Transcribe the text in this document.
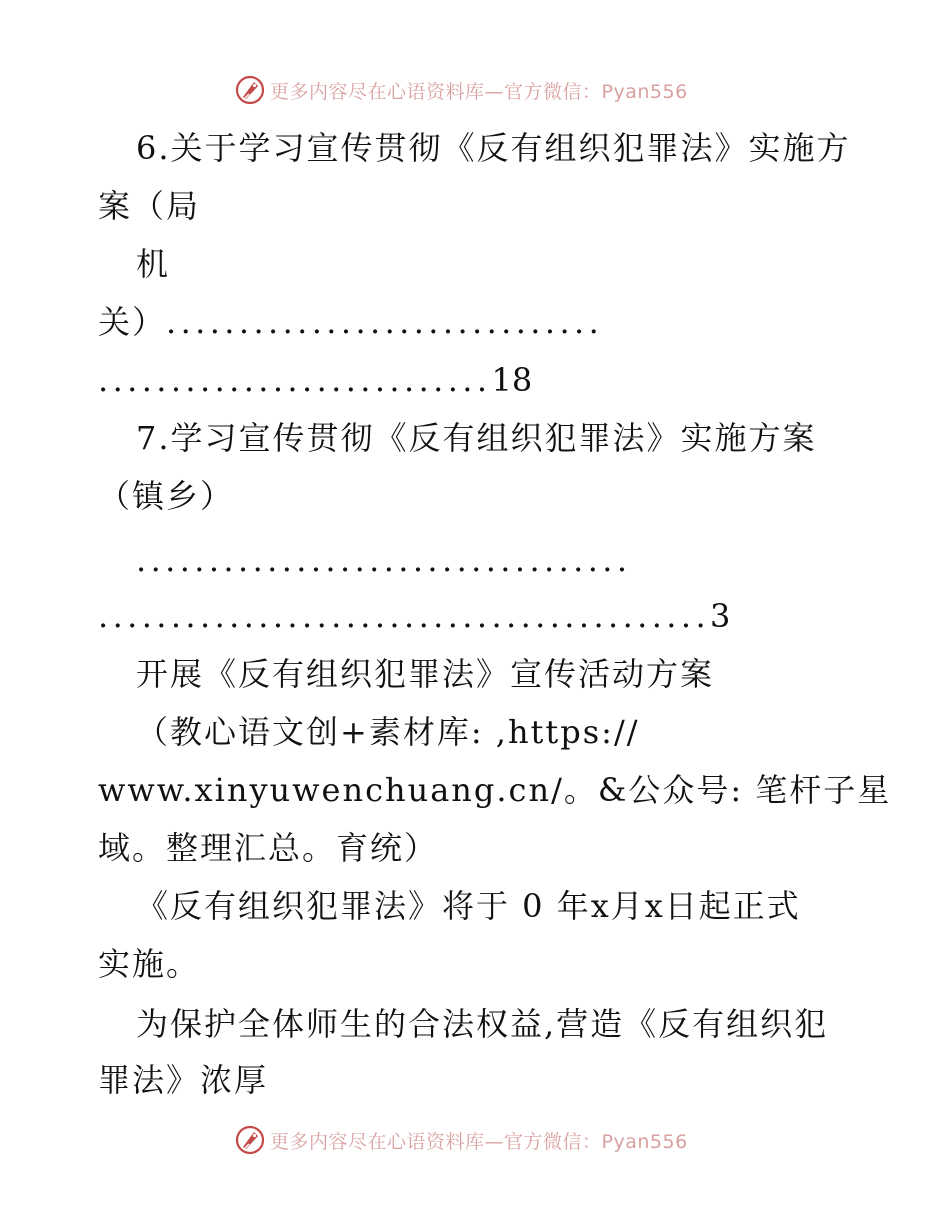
更多内容尽在心语资料库—官方微信：Pyan556
6.关于学习宣传贯彻《反有组织犯罪法》实施方
案（局
机
关）..............................
...........................18
7.学习宣传贯彻《反有组织犯罪法》实施方案
（镇乡）
..................................
..........................................3
开展《反有组织犯罪法》宣传活动方案
（教心语文创+素材库: ,https://
www.xinyuwenchuang.cn/。&公众号: 笔杆子星
域。整理汇总。育统）
《反有组织犯罪法》将于 0 年x月x日起正式
实施。
为保护全体师生的合法权益,营造《反有组织犯
罪法》浓厚
更多内容尽在心语资料库—官方微信：Pyan556
